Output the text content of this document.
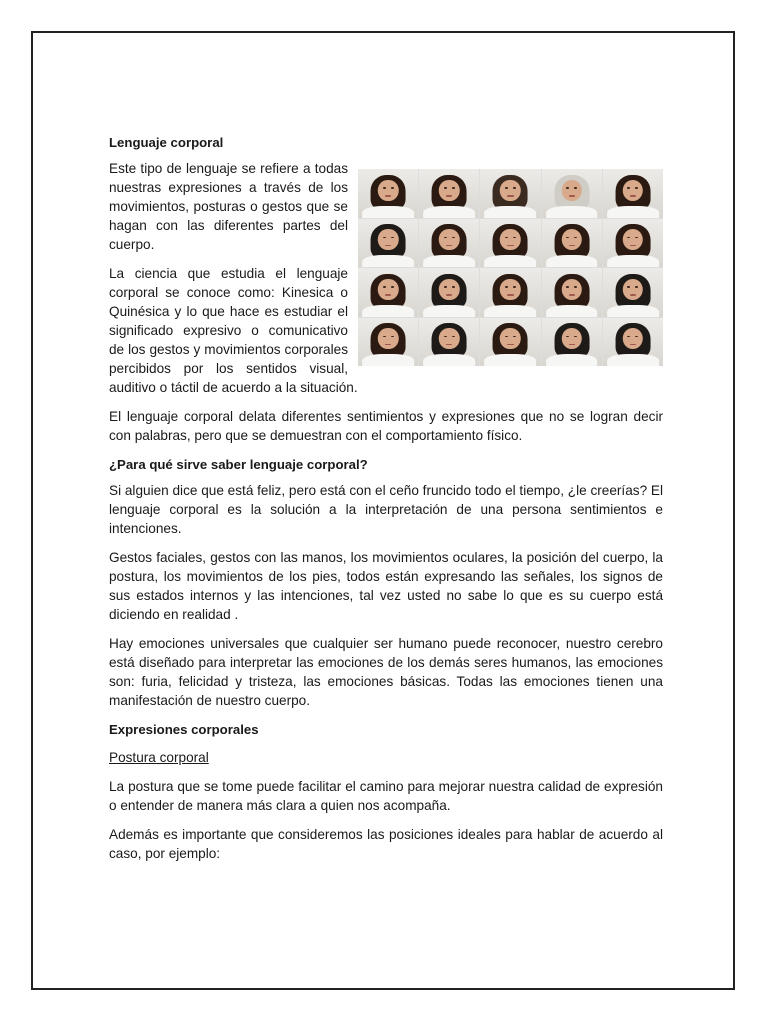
Lenguaje corporal

Este tipo de lenguaje se refiere a todas nuestras expresiones a través de los movimientos, posturas o gestos que se hagan con las diferentes partes del cuerpo.

La ciencia que estudia el lenguaje corporal se conoce como: Kinesica o Quinésica y lo que hace es estudiar el significado expresivo o comunicativo de los gestos y movimientos corporales percibidos por los sentidos visual, auditivo o táctil de acuerdo a la situación.

El lenguaje corporal delata diferentes sentimientos y expresiones que no se logran decir con palabras, pero que se demuestran con el comportamiento físico.

¿Para qué sirve saber lenguaje corporal?

Si alguien dice que está feliz, pero está con el ceño fruncido todo el tiempo, ¿le creerías? El lenguaje corporal es la solución a la interpretación de una persona sentimientos e intenciones.

Gestos faciales, gestos con las manos, los movimientos oculares, la posición del cuerpo, la postura, los movimientos de los pies, todos están expresando las señales, los signos de sus estados internos y las intenciones, tal vez usted no sabe lo que es su cuerpo está diciendo en realidad .

Hay emociones universales que cualquier ser humano puede reconocer, nuestro cerebro está diseñado para interpretar las emociones de los demás seres humanos, las emociones son: furia, felicidad y tristeza, las emociones básicas. Todas las emociones tienen una manifestación de nuestro cuerpo.

Expresiones corporales
Postura corporal

La postura que se tome puede facilitar el camino para mejorar nuestra calidad de expresión o entender de manera más clara a quien nos acompaña.

Además es importante que consideremos las posiciones ideales para hablar de acuerdo al caso, por ejemplo:
